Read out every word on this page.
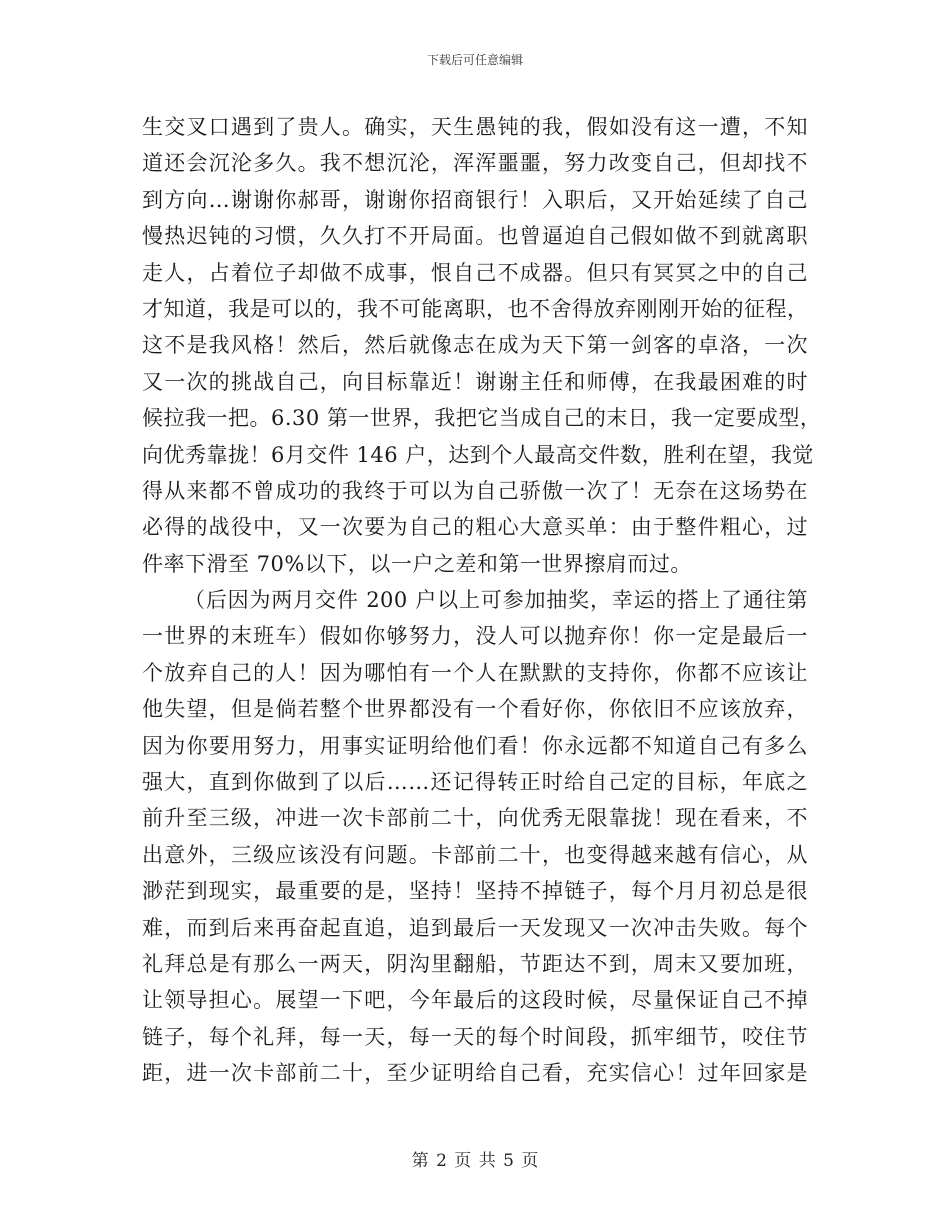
下载后可任意编辑
生交叉口遇到了贵人。确实，天生愚钝的我，假如没有这一遭，不知
道还会沉沦多久。我不想沉沦，浑浑噩噩，努力改变自己，但却找不
到方向…谢谢你郝哥，谢谢你招商银行！入职后，又开始延续了自己
慢热迟钝的习惯，久久打不开局面。也曾逼迫自己假如做不到就离职
走人，占着位子却做不成事，恨自己不成器。但只有冥冥之中的自己
才知道，我是可以的，我不可能离职，也不舍得放弃刚刚开始的征程，
这不是我风格！然后，然后就像志在成为天下第一剑客的卓洛，一次
又一次的挑战自己，向目标靠近！谢谢主任和师傅，在我最困难的时
候拉我一把。6.30 第一世界，我把它当成自己的末日，我一定要成型，
向优秀靠拢！6月交件 146 户，达到个人最高交件数，胜利在望，我觉
得从来都不曾成功的我终于可以为自己骄傲一次了！无奈在这场势在
必得的战役中，又一次要为自己的粗心大意买单：由于整件粗心，过
件率下滑至 70%以下，以一户之差和第一世界擦肩而过。
（后因为两月交件 200 户以上可参加抽奖，幸运的搭上了通往第
一世界的末班车）假如你够努力，没人可以抛弃你！你一定是最后一
个放弃自己的人！因为哪怕有一个人在默默的支持你，你都不应该让
他失望，但是倘若整个世界都没有一个看好你，你依旧不应该放弃，
因为你要用努力，用事实证明给他们看！你永远都不知道自己有多么
强大，直到你做到了以后……还记得转正时给自己定的目标，年底之
前升至三级，冲进一次卡部前二十，向优秀无限靠拢！现在看来，不
出意外，三级应该没有问题。卡部前二十，也变得越来越有信心，从
渺茫到现实，最重要的是，坚持！坚持不掉链子，每个月月初总是很
难，而到后来再奋起直追，追到最后一天发现又一次冲击失败。每个
礼拜总是有那么一两天，阴沟里翻船，节距达不到，周末又要加班，
让领导担心。展望一下吧，今年最后的这段时候，尽量保证自己不掉
链子，每个礼拜，每一天，每一天的每个时间段，抓牢细节，咬住节
距，进一次卡部前二十，至少证明给自己看，充实信心！过年回家是
第 2 页 共 5 页
